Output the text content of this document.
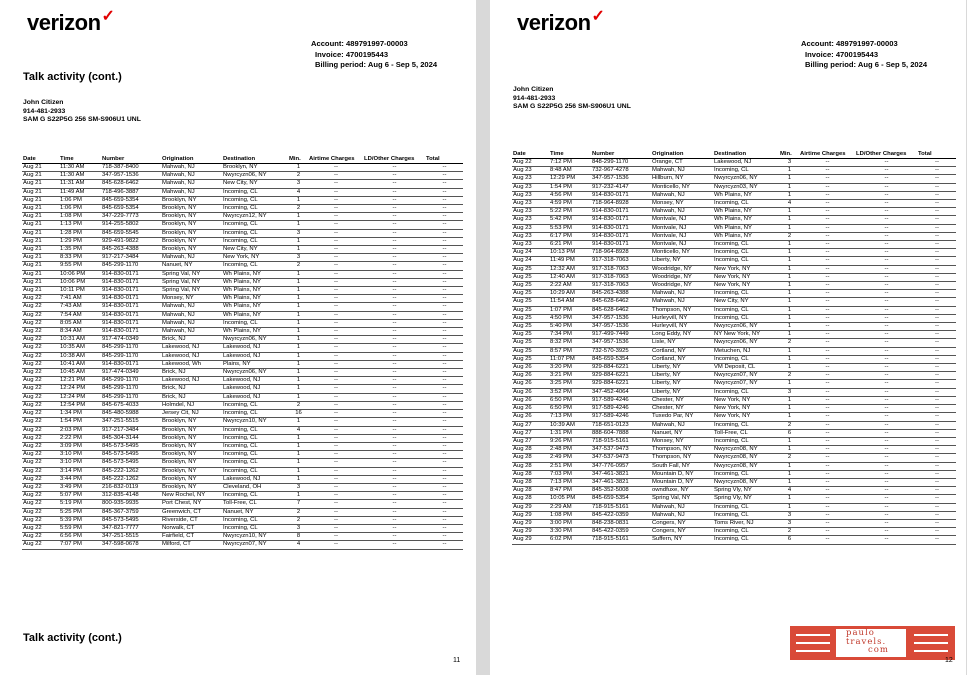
verizon✓
Account: 489791997-00003
Invoice: 4700195443
Billing period: Aug 6 - Sep 5, 2024
Talk activity (cont.)
John Citizen
914-481-2933
SAM G S22P5G 256 SM-S906U1 UNL
Date	Time	Number	Origination	Destination	Min.	Airtime Charges	LD/Other Charges	Total
Aug 21	11:30 AM	718-387-8400	Mahwah, NJ	Brooklyn, NY	1	--	--	--
Aug 21	11:30 AM	347-957-1536	Mahwah, NJ	Nwyrcyzn06, NY	2	--	--	--
Aug 21	11:31 AM	845-628-6462	Mahwah, NJ	New City, NY	3	--	--	--
Aug 21	11:49 AM	718-496-3887	Mahwah, NJ	Incoming, CL	4	--	--	--
Aug 21	1:06 PM	845-659-5354	Brooklyn, NY	Incoming, CL	1	--	--	--
Aug 21	1:06 PM	845-659-5354	Brooklyn, NY	Incoming, CL	2	--	--	--
Aug 21	1:08 PM	347-229-7773	Brooklyn, NY	Nwyrcyzn12, NY	1	--	--	--
Aug 21	1:13 PM	914-255-5802	Brooklyn, NY	Incoming, CL	1	--	--	--
Aug 21	1:28 PM	845-659-5545	Brooklyn, NY	Incoming, CL	3	--	--	--
Aug 21	1:29 PM	929-491-9822	Brooklyn, NY	Incoming, CL	1	--	--	--
Aug 21	1:35 PM	845-263-4388	Brooklyn, NY	New City, NY	1	--	--	--
Aug 21	8:33 PM	917-217-3484	Mahwah, NJ	New York, NY	3	--	--	--
Aug 21	9:55 PM	845-299-1170	Nanuet, NY	Incoming, CL	2	--	--	--
Aug 21	10:06 PM	914-830-0171	Spring Val, NY	Wh Plains, NY	1	--	--	--
Aug 21	10:06 PM	914-830-0171	Spring Val, NY	Wh Plains, NY	1	--	--	--
Aug 21	10:11 PM	914-830-0171	Spring Val, NY	Wh Plains, NY	1	--	--	--
Aug 22	7:41 AM	914-830-0171	Monsey, NY	Wh Plains, NY	1	--	--	--
Aug 22	7:43 AM	914-830-0171	Mahwah, NJ	Wh Plains, NY	1	--	--	--
Aug 22	7:54 AM	914-830-0171	Mahwah, NJ	Wh Plains, NY	1	--	--	--
Aug 22	8:05 AM	914-830-0171	Mahwah, NJ	Incoming, CL	1	--	--	--
Aug 22	8:34 AM	914-830-0171	Mahwah, NJ	Wh Plains, NY	1	--	--	--
Aug 22	10:31 AM	917-474-0349	Brick, NJ	Nwyrcyzn06, NY	1	--	--	--
Aug 22	10:35 AM	845-299-1170	Lakewood, NJ	Lakewood, NJ	1	--	--	--
Aug 22	10:38 AM	845-299-1170	Lakewood, NJ	Lakewood, NJ	1	--	--	--
Aug 22	10:41 AM	914-830-0171	Lakewood, Wh	Plains, NY	1	--	--	--
Aug 22	10:45 AM	917-474-0349	Brick, NJ	Nwyrcyzn06, NY	1	--	--	--
Aug 22	12:21 PM	845-299-1170	Lakewood, NJ	Lakewood, NJ	1	--	--	--
Aug 22	12:24 PM	845-299-1170	Brick, NJ	Lakewood, NJ	1	--	--	--
Aug 22	12:24 PM	845-299-1170	Brick, NJ	Lakewood, NJ	1	--	--	--
Aug 22	12:54 PM	845-675-4033	Holmdel, NJ	Incoming, CL	2	--	--	--
Aug 22	1:34 PM	845-480-5988	Jersey Cit, NJ	Incoming, CL	16	--	--	--
Aug 22	1:54 PM	347-251-5515	Brooklyn, NY	Nwyrcyzn10, NY	1	--	--	--
Aug 22	2:03 PM	917-217-3484	Brooklyn, NY	Incoming, CL	4	--	--	--
Aug 22	2:22 PM	845-304-3144	Brooklyn, NY	Incoming, CL	1	--	--	--
Aug 22	3:09 PM	845-573-5495	Brooklyn, NY	Incoming, CL	1	--	--	--
Aug 22	3:10 PM	845-573-5495	Brooklyn, NY	Incoming, CL	1	--	--	--
Aug 22	3:10 PM	845-573-5495	Brooklyn, NY	Incoming, CL	1	--	--	--
Aug 22	3:14 PM	845-222-1262	Brooklyn, NY	Incoming, CL	1	--	--	--
Aug 22	3:44 PM	845-222-1262	Brooklyn, NY	Lakewood, NJ	1	--	--	--
Aug 22	3:49 PM	216-832-0119	Brooklyn, NY	Cleveland, OH	3	--	--	--
Aug 22	5:07 PM	312-835-4148	New Rochel, NY	Incoming, CL	1	--	--	--
Aug 22	5:19 PM	800-935-9935	Port Chest, NY	Toll-Free, CL	7	--	--	--
Aug 22	5:25 PM	845-367-3759	Greenwich, CT	Nanuet, NY	2	--	--	--
Aug 22	5:39 PM	845-573-5495	Riverside, CT	Incoming, CL	2	--	--	--
Aug 22	5:59 PM	347-821-7777	Norwalk, CT	Incoming, CL	3	--	--	--
Aug 22	6:56 PM	347-251-5515	Fairfield, CT	Nwyrcyzn10, NY	8	--	--	--
Aug 22	7:07 PM	347-598-0678	Milford, CT	Nwyrcyzn07, NY	4	--	--	--
Talk activity (cont.)
11
verizon✓
Account: 489791997-00003
Invoice: 4700195443
Billing period: Aug 6 - Sep 5, 2024
John Citizen
914-481-2933
SAM G S22P5G 256 SM-S906U1 UNL
Date	Time	Number	Origination	Destination	Min.	Airtime Charges	LD/Other Charges	Total
Aug 22	7:12 PM	848-299-1170	Orange, CT	Lakewood, NJ	3	--	--	--
Aug 23	8:48 AM	732-967-4278	Mahwah, NJ	Incoming, CL	1	--	--	--
Aug 23	12:29 PM	347-957-1536	Hillburn, NY	Nwyrcyzn06, NY	1	--	--	--
Aug 23	1:54 PM	917-232-4147	Monticello, NY	Nwyrcyzn03, NY	1	--	--	--
Aug 23	4:56 PM	914-830-0171	Mahwah, NJ	Wh Plains, NY	1	--	--	--
Aug 23	4:59 PM	718-964-8928	Monsey, NY	Incoming, CL	4	--	--	--
Aug 23	5:22 PM	914-830-0171	Mahwah, NJ	Wh Plains, NY	1	--	--	--
Aug 23	5:42 PM	914-830-0171	Montvale, NJ	Wh Plains, NY	1	--	--	--
Aug 23	5:53 PM	914-830-0171	Montvale, NJ	Wh Plains, NY	1	--	--	--
Aug 23	6:17 PM	914-830-0171	Montvale, NJ	Wh Plains, NY	2	--	--	--
Aug 23	6:21 PM	914-830-0171	Montvale, NJ	Incoming, CL	1	--	--	--
Aug 24	10:13 PM	718-964-8928	Monticello, NY	Incoming, CL	1	--	--	--
Aug 24	11:49 PM	917-318-7063	Liberty, NY	Incoming, CL	1	--	--	--
Aug 25	12:32 AM	917-318-7063	Woodridge, NY	New York, NY	1	--	--	--
Aug 25	12:40 AM	917-318-7063	Woodridge, NY	New York, NY	1	--	--	--
Aug 25	2:22 AM	917-318-7063	Woodridge, NY	New York, NY	1	--	--	--
Aug 25	10:29 AM	845-263-4388	Mahwah, NJ	Incoming, CL	1	--	--	--
Aug 25	11:54 AM	845-628-6462	Mahwah, NJ	New City, NY	1	--	--	--
Aug 25	1:07 PM	845-628-6462	Thompson, NY	Incoming, CL	1	--	--	--
Aug 25	4:50 PM	347-957-1536	Hurleyvill, NY	Incoming, CL	1	--	--	--
Aug 25	5:40 PM	347-957-1536	Hurleyvill, NY	Nwyrcyzn06, NY	1	--	--	--
Aug 25	7:34 PM	917-499-7449	Long Eddy, NY	NY New York, NY	1	--	--	--
Aug 25	8:32 PM	347-957-1536	Lisle, NY	Nwyrcyzn06, NY	2	--	--	--
Aug 25	8:57 PM	732-570-3925	Cortland, NY	Metuchen, NJ	1	--	--	--
Aug 25	11:07 PM	845-659-5354	Cortland, NY	Incoming, CL	1	--	--	--
Aug 26	3:20 PM	929-884-6221	Liberty, NY	VM Deposit, CL	1	--	--	--
Aug 26	3:21 PM	929-884-6221	Liberty, NY	Nwyrcyzn07, NY	2	--	--	--
Aug 26	3:25 PM	929-884-6221	Liberty, NY	Nwyrcyzn07, NY	1	--	--	--
Aug 26	3:52 PM	347-452-4064	Liberty, NY	Incoming, CL	3	--	--	--
Aug 26	6:50 PM	917-589-4246	Chester, NY	New York, NY	1	--	--	--
Aug 26	6:50 PM	917-589-4246	Chester, NY	New York, NY	1	--	--	--
Aug 26	7:13 PM	917-589-4246	Tuxedo Par, NY	New York, NY	1	--	--	--
Aug 27	10:39 AM	718-651-0123	Mahwah, NJ	Incoming, CL	2	--	--	--
Aug 27	1:31 PM	888-604-7888	Nanuet, NY	Toll-Free, CL	6	--	--	--
Aug 27	9:26 PM	718-915-5161	Monsey, NY	Incoming, CL	1	--	--	--
Aug 28	2:48 PM	347-537-9473	Thompson, NY	Nwyrcyzn08, NY	1	--	--	--
Aug 28	2:49 PM	347-537-9473	Thompson, NY	Nwyrcyzn08, NY	2	--	--	--
Aug 28	2:51 PM	347-776-0957	South Fall, NY	Nwyrcyzn08, NY	1	--	--	--
Aug 28	7:03 PM	347-461-3821	Mountain D, NY	Incoming, CL	1	--	--	--
Aug 28	7:13 PM	347-461-3821	Mountain D, NY	Nwyrcyzn08, NY	1	--	--	--
Aug 28	8:47 PM	845-352-5008	owndfuxe, NY	Spring Vly, NY	4	--	--	--
Aug 28	10:05 PM	845-659-5354	Spring Val, NY	Spring Vly, NY	1	--	--	--
Aug 29	2:29 AM	718-915-5161	Mahwah, NJ	Incoming, CL	1	--	--	--
Aug 29	1:08 PM	845-422-0359	Mahwah, NJ	Incoming, CL	3	--	--	--
Aug 29	3:00 PM	848-238-0831	Congers, NY	Toms River, NJ	3	--	--	--
Aug 29	3:30 PM	845-422-0359	Congers, NY	Incoming, CL	2	--	--	--
Aug 29	6:02 PM	718-915-5161	Suffern, NY	Incoming, CL	6	--	--	--
paulo
travels.
com
12
